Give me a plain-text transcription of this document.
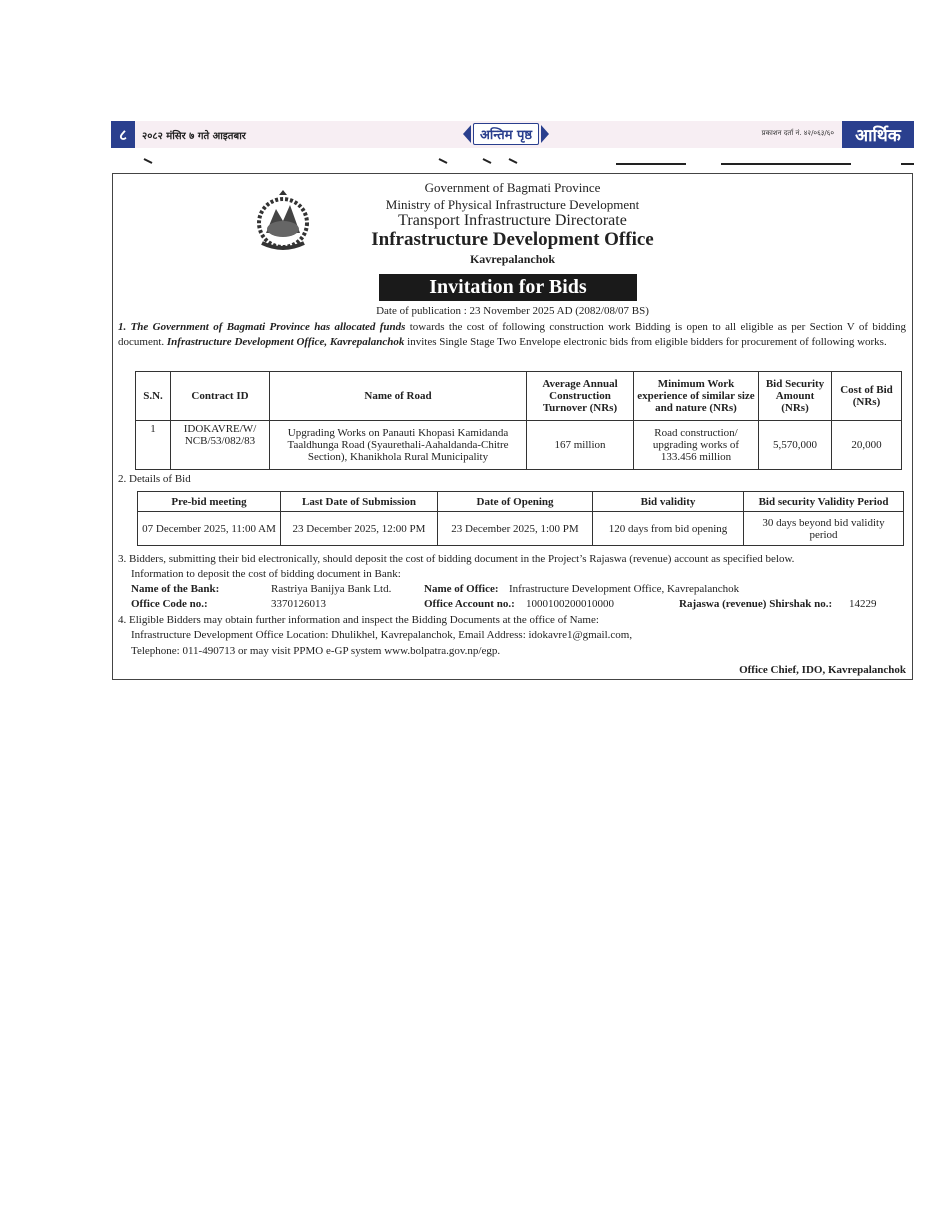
८	२०८२ मंसिर ७ गते आइतबार	अन्तिम पृष्ठ	प्रकाशन दर्ता नं. ४२/०६३/६०	आर्थिक
Government of Bagmati Province
Ministry of Physical Infrastructure Development
Transport Infrastructure Directorate
Infrastructure Development Office
Kavrepalanchok
Invitation for Bids
Date of publication : 23 November 2025 AD (2082/08/07 BS)
1. The Government of Bagmati Province has allocated funds towards the cost of following construction work Bidding is open to all eligible as per Section V of bidding document. Infrastructure Development Office, Kavrepalanchok invites Single Stage Two Envelope electronic bids from eligible bidders for procurement of following works.
S.N.	Contract ID	Name of Road	Average Annual Construction Turnover (NRs)	Minimum Work experience of similar size and nature (NRs)	Bid Security Amount (NRs)	Cost of Bid (NRs)
1	IDOKAVRE/W/ NCB/53/082/83	Upgrading Works on Panauti Khopasi Kamidanda Taaldhunga Road (Syaurethali-Aahaldanda-Chitre Section), Khanikhola Rural Municipality	167 million	Road construction/ upgrading works of 133.456 million	5,570,000	20,000
2. Details of Bid
Pre-bid meeting	Last Date of Submission	Date of Opening	Bid validity	Bid security Validity Period
07 December 2025, 11:00 AM	23 December 2025, 12:00 PM	23 December 2025, 1:00 PM	120 days from bid opening	30 days beyond bid validity period
3. Bidders, submitting their bid electronically, should deposit the cost of bidding document in the Project’s Rajaswa (revenue) account as specified below.
Information to deposit the cost of bidding document in Bank:
Name of the Bank:	Rastriya Banijya Bank Ltd.	Name of Office: Infrastructure Development Office, Kavrepalanchok
Office Code no.:	3370126013	Office Account no.: 1000100200010000	Rajaswa (revenue) Shirshak no.: 14229
4. Eligible Bidders may obtain further information and inspect the Bidding Documents at the office of Name:
Infrastructure Development Office Location: Dhulikhel, Kavrepalanchok, Email Address: idokavre1@gmail.com,
Telephone: 011-490713 or may visit PPMO e-GP system www.bolpatra.gov.np/egp.
Office Chief, IDO, Kavrepalanchok
